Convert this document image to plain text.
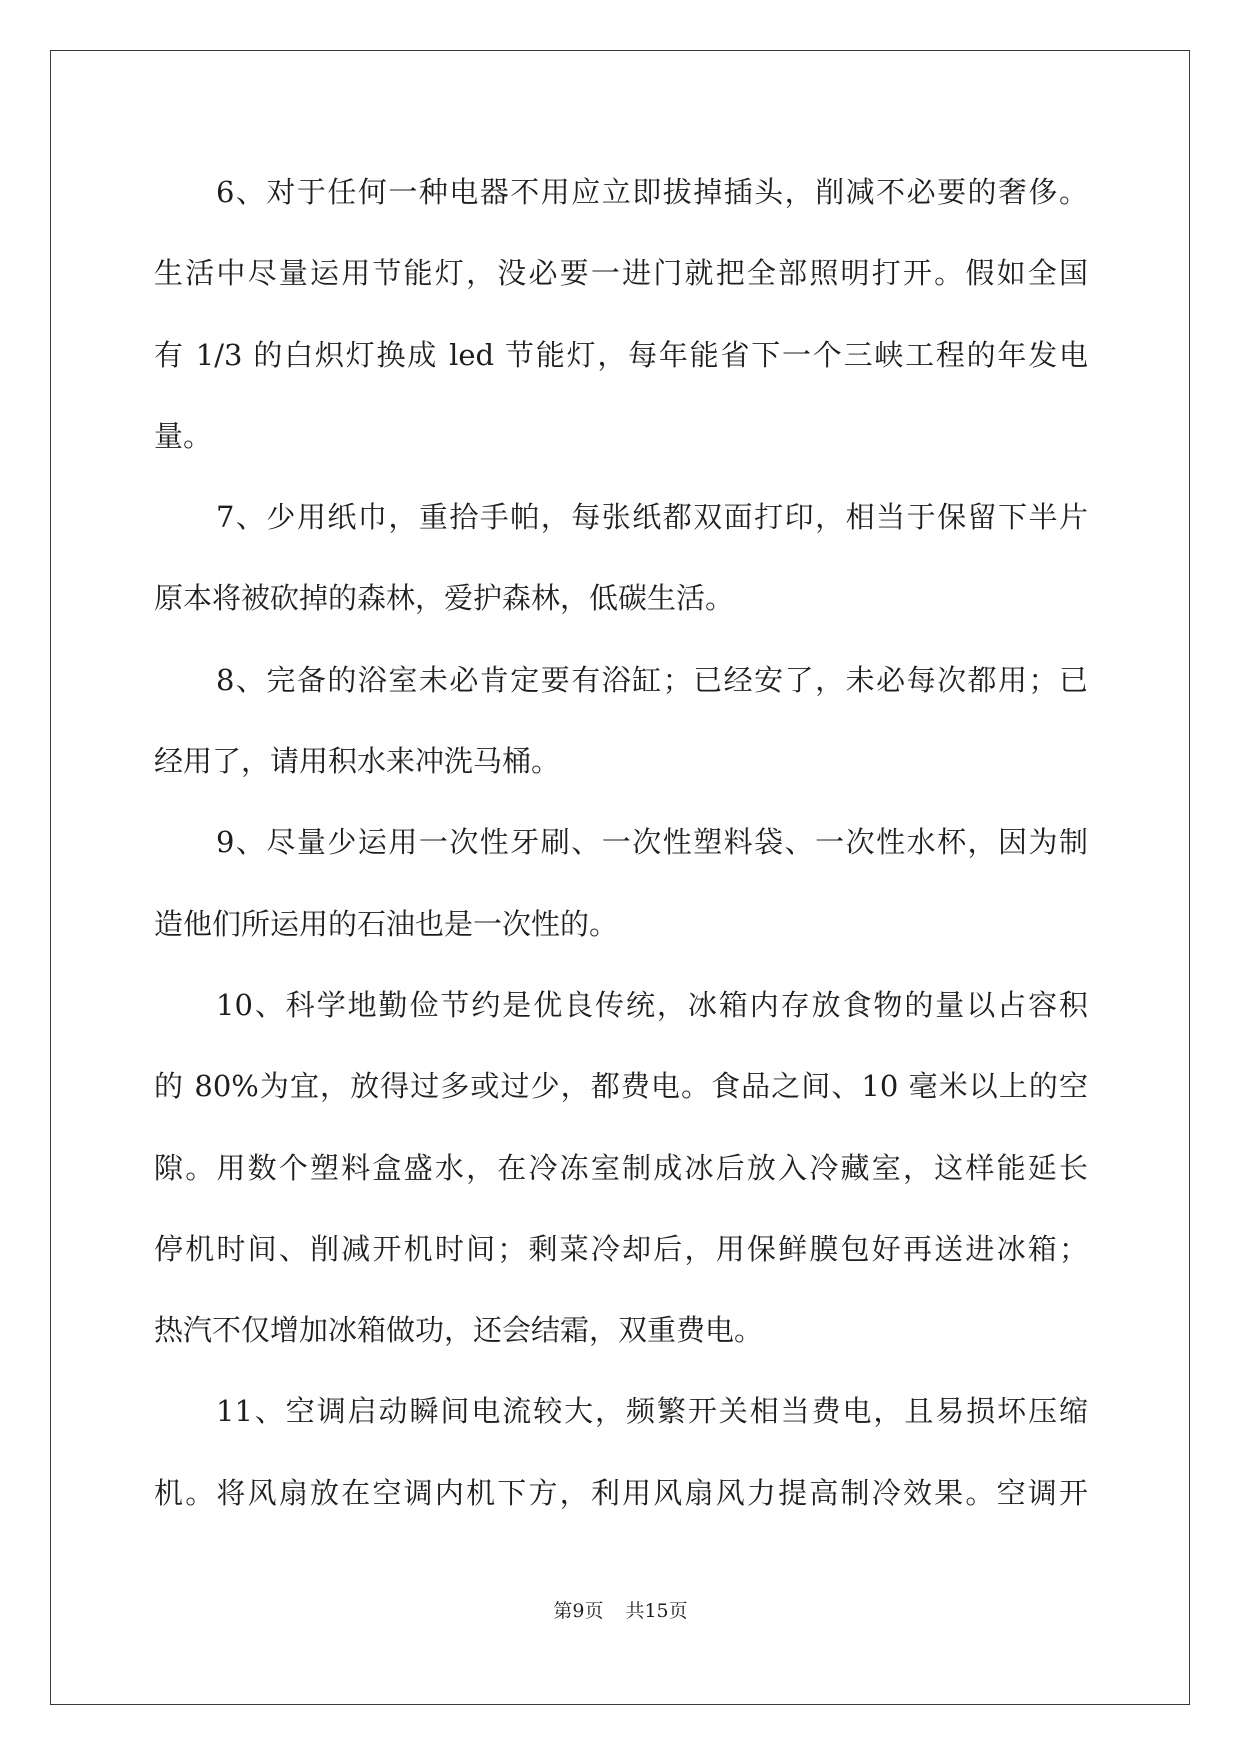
6、对于任何一种电器不用应立即拔掉插头，削减不必要的奢侈。
生活中尽量运用节能灯，没必要一进门就把全部照明打开。假如全国
有 1/3 的白炽灯换成 led 节能灯，每年能省下一个三峡工程的年发电
量。
7、少用纸巾，重拾手帕，每张纸都双面打印，相当于保留下半片
原本将被砍掉的森林，爱护森林，低碳生活。
8、完备的浴室未必肯定要有浴缸；已经安了，未必每次都用；已
经用了，请用积水来冲洗马桶。
9、尽量少运用一次性牙刷、一次性塑料袋、一次性水杯，因为制
造他们所运用的石油也是一次性的。
10、科学地勤俭节约是优良传统，冰箱内存放食物的量以占容积
的 80%为宜，放得过多或过少，都费电。食品之间、10 毫米以上的空
隙。用数个塑料盒盛水，在冷冻室制成冰后放入冷藏室，这样能延长
停机时间、削减开机时间；剩菜冷却后，用保鲜膜包好再送进冰箱；
热汽不仅增加冰箱做功，还会结霜，双重费电。
11、空调启动瞬间电流较大，频繁开关相当费电，且易损坏压缩
机。将风扇放在空调内机下方，利用风扇风力提高制冷效果。空调开
第9页 共15页
